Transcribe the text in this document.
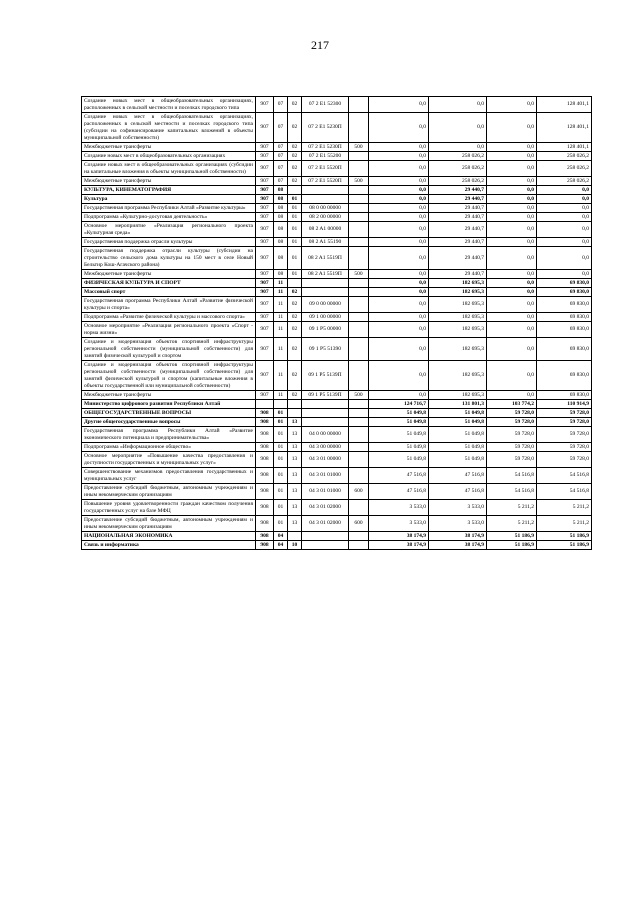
217
Создание новых мест в общеобразовательных организациях, расположенных в сельской местности и поселках городского типа	907	07	02	07 2 E1 52300		0,0	0,0	0,0	128 401,1
Создание новых мест в общеобразовательных организациях, расположенных в сельской местности и поселках городского типа (субсидии на софинансирование капитальных вложений в объекты муниципальной собственности)	907	07	02	07 2 E1 5230П		0,0	0,0	0,0	128 401,1
Межбюджетные трансферты	907	07	02	07 2 E1 5230П	500	0,0	0,0	0,0	128 401,1
Создание новых мест в общеобразовательных организациях	907	07	02	07 2 E1 55200		0,0	258 026,2	0,0	258 026,2
Создание новых мест в общеобразовательных организациях (субсидии на капитальные вложения в объекты муниципальной собственности)	907	07	02	07 2 E1 5520П		0,0	258 026,2	0,0	258 026,2
Межбюджетные трансферты	907	07	02	07 2 E1 5520П	500	0,0	258 026,2	0,0	258 026,2
КУЛЬТУРА, КИНЕМАТОГРАФИЯ	907	08				0,0	29 440,7	0,0	0,0
Культура	907	08	01			0,0	29 440,7	0,0	0,0
Государственная программа Республики Алтай «Развитие культуры»	907	08	01	08 0 00 00000		0,0	29 440,7	0,0	0,0
Подпрограмма «Культурно-досуговая деятельность»	907	08	01	08 2 00 00000		0,0	29 440,7	0,0	0,0
Основное мероприятие «Реализация регионального проекта «Культурная среда»	907	08	01	08 2 A1 00000		0,0	29 440,7	0,0	0,0
Государственная поддержка отрасли культуры	907	08	01	08 2 A1 55190		0,0	29 440,7	0,0	0,0
Государственная поддержка отрасли культуры (субсидии на строительство сельского дома культуры на 150 мест в селе Новый Бельтир Кош-Агачского района)	907	08	01	08 2 A1 5519П		0,0	29 440,7	0,0	0,0
Межбюджетные трансферты	907	08	01	08 2 A1 5519П	500	0,0	29 440,7	0,0	0,0
ФИЗИЧЕСКАЯ КУЛЬТУРА И СПОРТ	907	11				0,0	182 695,3	0,0	69 830,0
Массовый спорт	907	11	02			0,0	182 695,3	0,0	69 830,0
Государственная программа Республики Алтай «Развитие физической культуры и спорта»	907	11	02	09 0 00 00000		0,0	182 695,3	0,0	69 830,0
Подпрограмма «Развитие физической культуры и массового спорта»	907	11	02	09 1 00 00000		0,0	182 695,3	0,0	69 830,0
Основное мероприятие «Реализация регионального проекта «Спорт - норма жизни»	907	11	02	09 1 P5 00000		0,0	182 695,3	0,0	69 830,0
Создание и модернизация объектов спортивной инфраструктуры региональной собственности (муниципальной собственности) для занятий физической культурой и спортом	907	11	02	09 1 P5 51390		0,0	182 695,3	0,0	69 830,0
Создание и модернизация объектов спортивной инфраструктуры региональной собственности (муниципальной собственности) для занятий физической культурой и спортом (капитальные вложения в объекты государственной или муниципальной собственности)	907	11	02	09 1 P5 5139П		0,0	182 695,3	0,0	69 830,0
Межбюджетные трансферты	907	11	02	09 1 P5 5139П	500	0,0	182 695,3	0,0	69 830,0
Министерство цифрового развития Республики Алтай						124 716,7	131 801,3	103 774,2	110 914,9
ОБЩЕГОСУДАРСТВЕННЫЕ ВОПРОСЫ	908	01				51 049,8	51 049,8	59 728,0	59 728,0
Другие общегосударственные вопросы	908	01	13			51 049,8	51 049,8	59 728,0	59 728,0
Государственная программа Республики Алтай «Развитие экономического потенциала и предпринимательства»	908	01	13	04 0 00 00000		51 049,8	51 049,8	59 728,0	59 728,0
Подпрограмма «Информационное общество»	908	01	13	04 3 00 00000		51 049,8	51 049,8	59 728,0	59 728,0
Основное мероприятие «Повышение качества предоставления и доступности государственных и муниципальных услуг»	908	01	13	04 3 01 00000		51 049,8	51 049,8	59 728,0	59 728,0
Совершенствование механизмов предоставления государственных и муниципальных услуг	908	01	13	04 3 01 01000		47 516,8	47 516,8	54 516,8	54 516,8
Предоставление субсидий бюджетным, автономным учреждениям и иным некоммерческим организациям	908	01	13	04 3 01 01000	600	47 516,8	47 516,8	54 516,8	54 516,8
Повышение уровня удовлетворенности граждан качеством получения государственных услуг на базе МФЦ	908	01	13	04 3 01 02000		3 533,0	3 533,0	5 211,2	5 211,2
Предоставление субсидий бюджетным, автономным учреждениям и иным некоммерческим организациям	908	01	13	04 3 01 02000	600	3 533,0	3 533,0	5 211,2	5 211,2
НАЦИОНАЛЬНАЯ ЭКОНОМИКА	908	04				38 174,9	38 174,9	51 186,9	51 186,9
Связь и информатика	908	04	10			38 174,9	38 174,9	51 186,9	51 186,9
